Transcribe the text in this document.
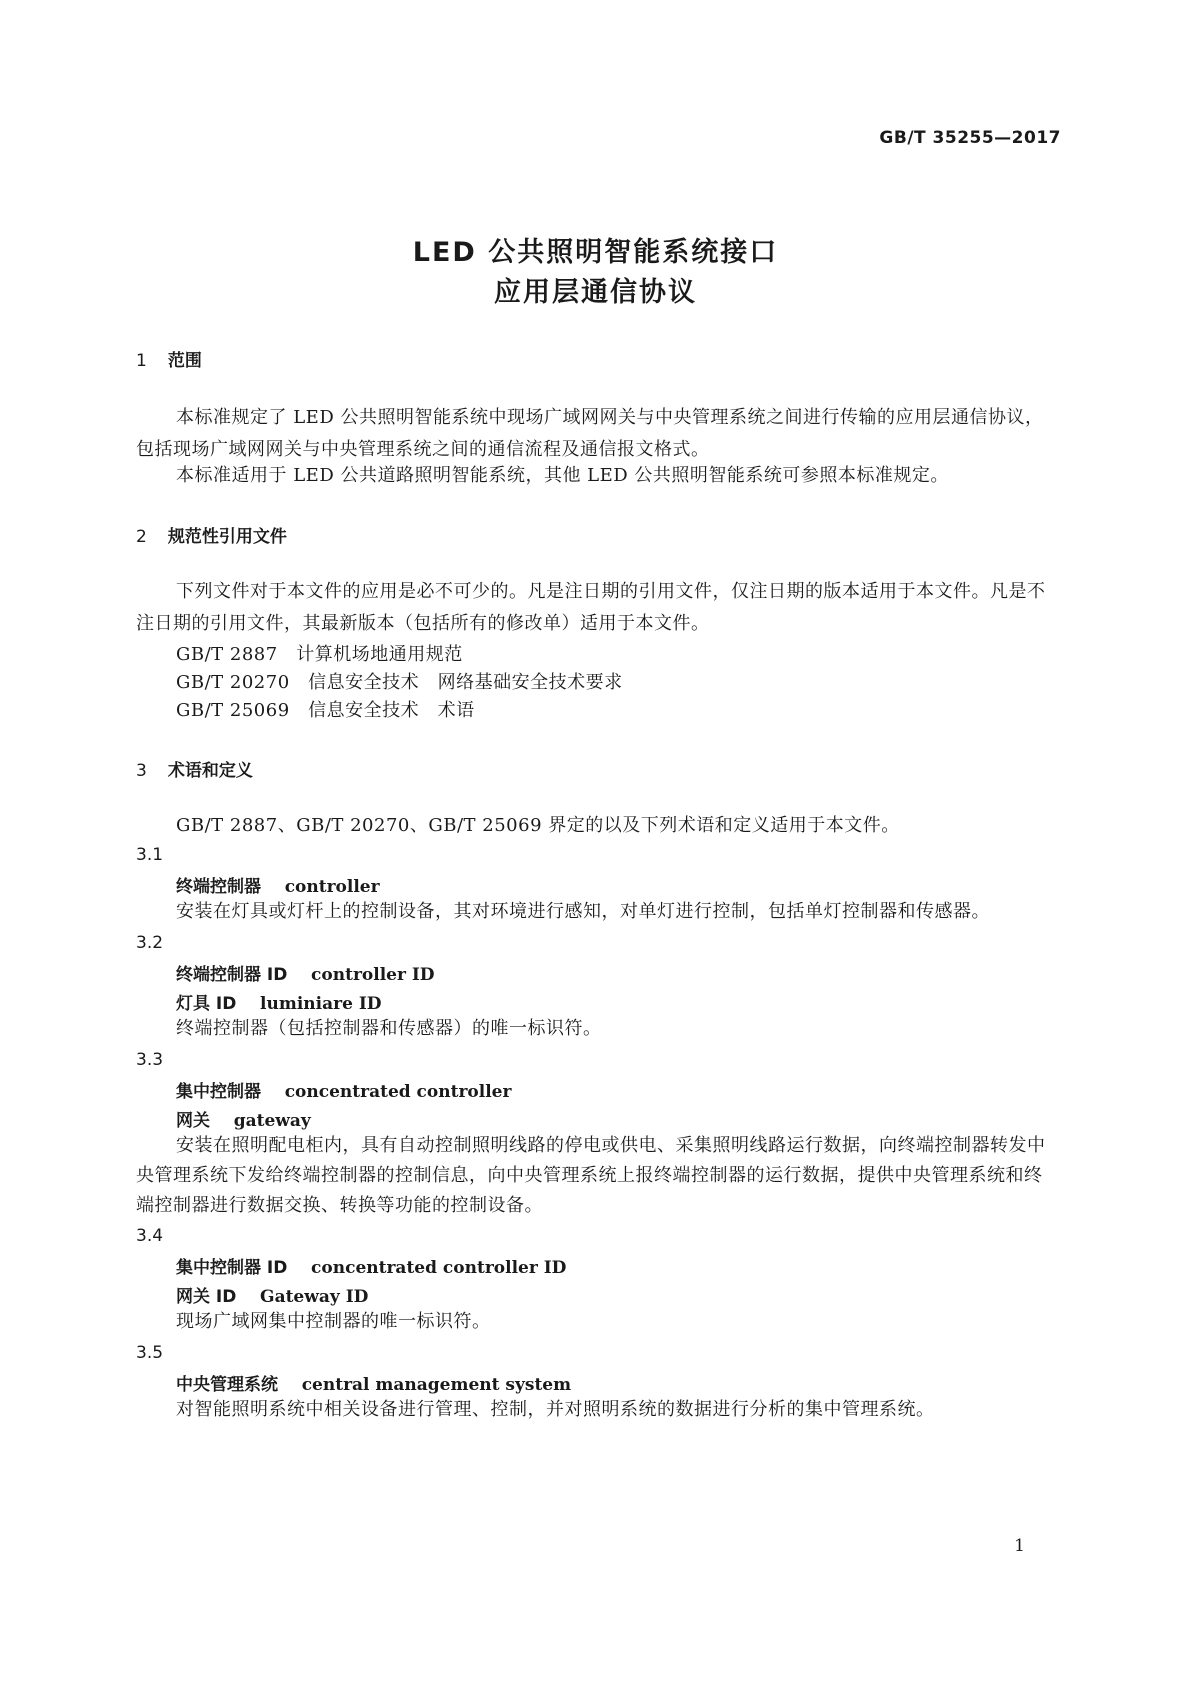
GB/T 35255—2017
LED 公共照明智能系统接口
应用层通信协议
1 范围

本标准规定了 LED 公共照明智能系统中现场广域网网关与中央管理系统之间进行传输的应用层通信协议，包括现场广域网网关与中央管理系统之间的通信流程及通信报文格式。

本标准适用于 LED 公共道路照明智能系统，其他 LED 公共照明智能系统可参照本标准规定。

2 规范性引用文件

下列文件对于本文件的应用是必不可少的。凡是注日期的引用文件，仅注日期的版本适用于本文件。凡是不注日期的引用文件，其最新版本（包括所有的修改单）适用于本文件。

GB/T 2887　计算机场地通用规范
GB/T 20270　信息安全技术　网络基础安全技术要求
GB/T 25069　信息安全技术　术语
3 术语和定义

GB/T 2887、GB/T 20270、GB/T 25069 界定的以及下列术语和定义适用于本文件。

3.1
终端控制器 controller

安装在灯具或灯杆上的控制设备，其对环境进行感知，对单灯进行控制，包括单灯控制器和传感器。

3.2
终端控制器 ID controller ID
灯具 ID luminiare ID

终端控制器（包括控制器和传感器）的唯一标识符。

3.3
集中控制器 concentrated controller
网关 gateway

安装在照明配电柜内，具有自动控制照明线路的停电或供电、采集照明线路运行数据，向终端控制器转发中央管理系统下发给终端控制器的控制信息，向中央管理系统上报终端控制器的运行数据，提供中央管理系统和终端控制器进行数据交换、转换等功能的控制设备。

3.4
集中控制器 ID concentrated controller ID
网关 ID Gateway ID

现场广域网集中控制器的唯一标识符。

3.5
中央管理系统 central management system

对智能照明系统中相关设备进行管理、控制，并对照明系统的数据进行分析的集中管理系统。

1
